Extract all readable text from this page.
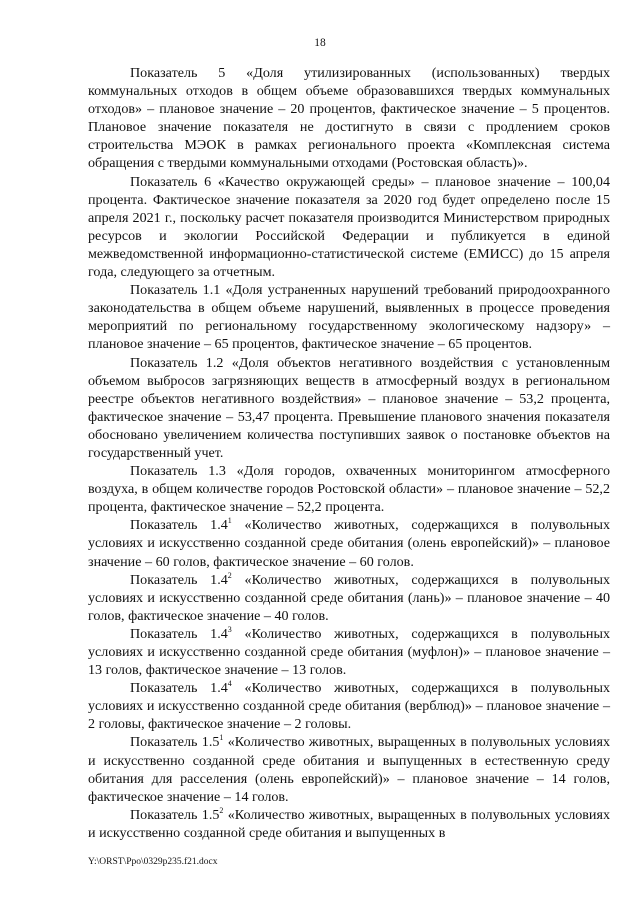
18

Показатель 5 «Доля утилизированных (использованных) твердых коммунальных отходов в общем объеме образовавшихся твердых коммунальных отходов» – плановое значение – 20 процентов, фактическое значение – 5 процентов. Плановое значение показателя не достигнуто в связи с продлением сроков строительства МЭОК в рамках регионального проекта «Комплексная система обращения с твердыми коммунальными отходами (Ростовская область)».

Показатель 6 «Качество окружающей среды» – плановое значение – 100,04 процента. Фактическое значение показателя за 2020 год будет определено после 15 апреля 2021 г., поскольку расчет показателя производится Министерством природных ресурсов и экологии Российской Федерации и публикуется в единой межведомственной информационно-статистической системе (ЕМИСС) до 15 апреля года, следующего за отчетным.

Показатель 1.1 «Доля устраненных нарушений требований природоохранного законодательства в общем объеме нарушений, выявленных в процессе проведения мероприятий по региональному государственному экологическому надзору» – плановое значение – 65 процентов, фактическое значение – 65 процентов.

Показатель 1.2 «Доля объектов негативного воздействия с установленным объемом выбросов загрязняющих веществ в атмосферный воздух в региональном реестре объектов негативного воздействия» – плановое значение – 53,2 процента, фактическое значение – 53,47 процента. Превышение планового значения показателя обосновано увеличением количества поступивших заявок о постановке объектов на государственный учет.

Показатель 1.3 «Доля городов, охваченных мониторингом атмосферного воздуха, в общем количестве городов Ростовской области» – плановое значение – 52,2 процента, фактическое значение – 52,2 процента.

Показатель $1.4^1$ «Количество животных, содержащихся в полувольных условиях и искусственно созданной среде обитания (олень европейский)» – плановое значение – 60 голов, фактическое значение – 60 голов.

Показатель $1.4^2$ «Количество животных, содержащихся в полувольных условиях и искусственно созданной среде обитания (лань)» – плановое значение – 40 голов, фактическое значение – 40 голов.

Показатель $1.4^3$ «Количество животных, содержащихся в полувольных условиях и искусственно созданной среде обитания (муфлон)» – плановое значение – 13 голов, фактическое значение – 13 голов.

Показатель $1.4^4$ «Количество животных, содержащихся в полувольных условиях и искусственно созданной среде обитания (верблюд)» – плановое значение – 2 головы, фактическое значение – 2 головы.

Показатель $1.5^1$ «Количество животных, выращенных в полувольных условиях и искусственно созданной среде обитания и выпущенных в естественную среду обитания для расселения (олень европейский)» – плановое значение – 14 голов, фактическое значение – 14 голов.

Показатель $1.5^2$ «Количество животных, выращенных в полувольных условиях и искусственно созданной среде обитания и выпущенных в

Y:\ORST\Ppo\0329p235.f21.docx
